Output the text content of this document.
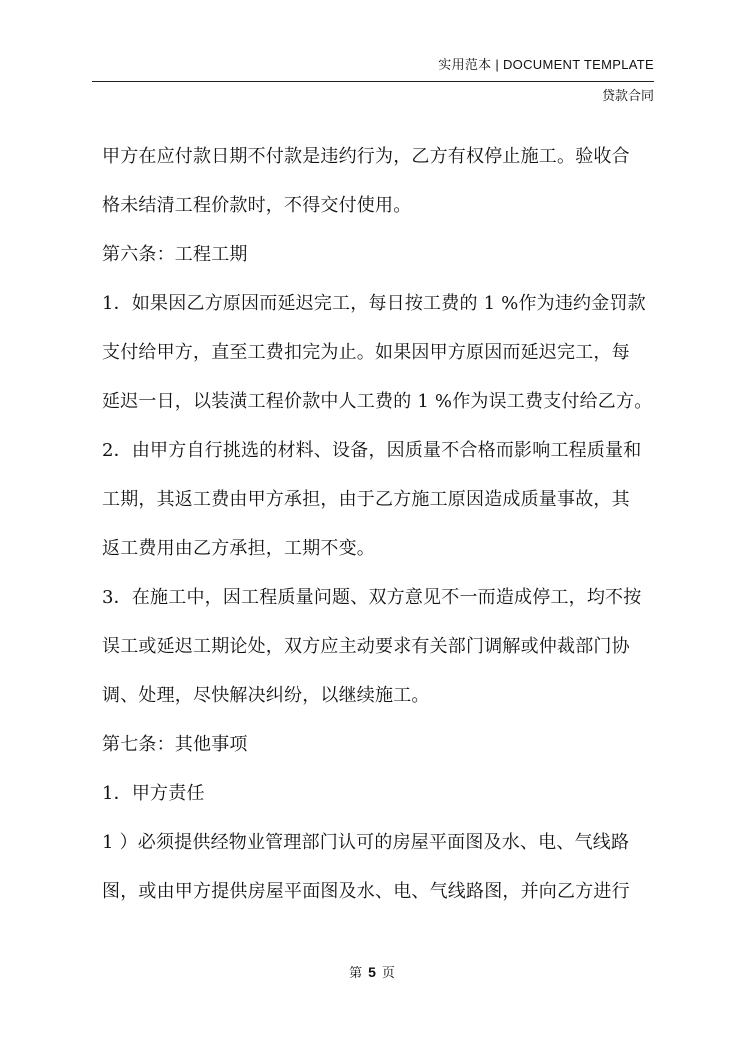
实用范本 | DOCUMENT TEMPLATE
贷款合同
甲方在应付款日期不付款是违约行为，乙方有权停止施工。验收合
格未结清工程价款时，不得交付使用。
第六条：工程工期
1．如果因乙方原因而延迟完工，每日按工费的 1 %作为违约金罚款
支付给甲方，直至工费扣完为止。如果因甲方原因而延迟完工，每
延迟一日，以装潢工程价款中人工费的 1 %作为误工费支付给乙方。
2．由甲方自行挑选的材料、设备，因质量不合格而影响工程质量和
工期，其返工费由甲方承担，由于乙方施工原因造成质量事故，其
返工费用由乙方承担，工期不变。
3．在施工中，因工程质量问题、双方意见不一而造成停工，均不按
误工或延迟工期论处，双方应主动要求有关部门调解或仲裁部门协
调、处理，尽快解决纠纷，以继续施工。
第七条：其他事项
1．甲方责任
1 ）必须提供经物业管理部门认可的房屋平面图及水、电、气线路
图，或由甲方提供房屋平面图及水、电、气线路图，并向乙方进行
第 5 页
